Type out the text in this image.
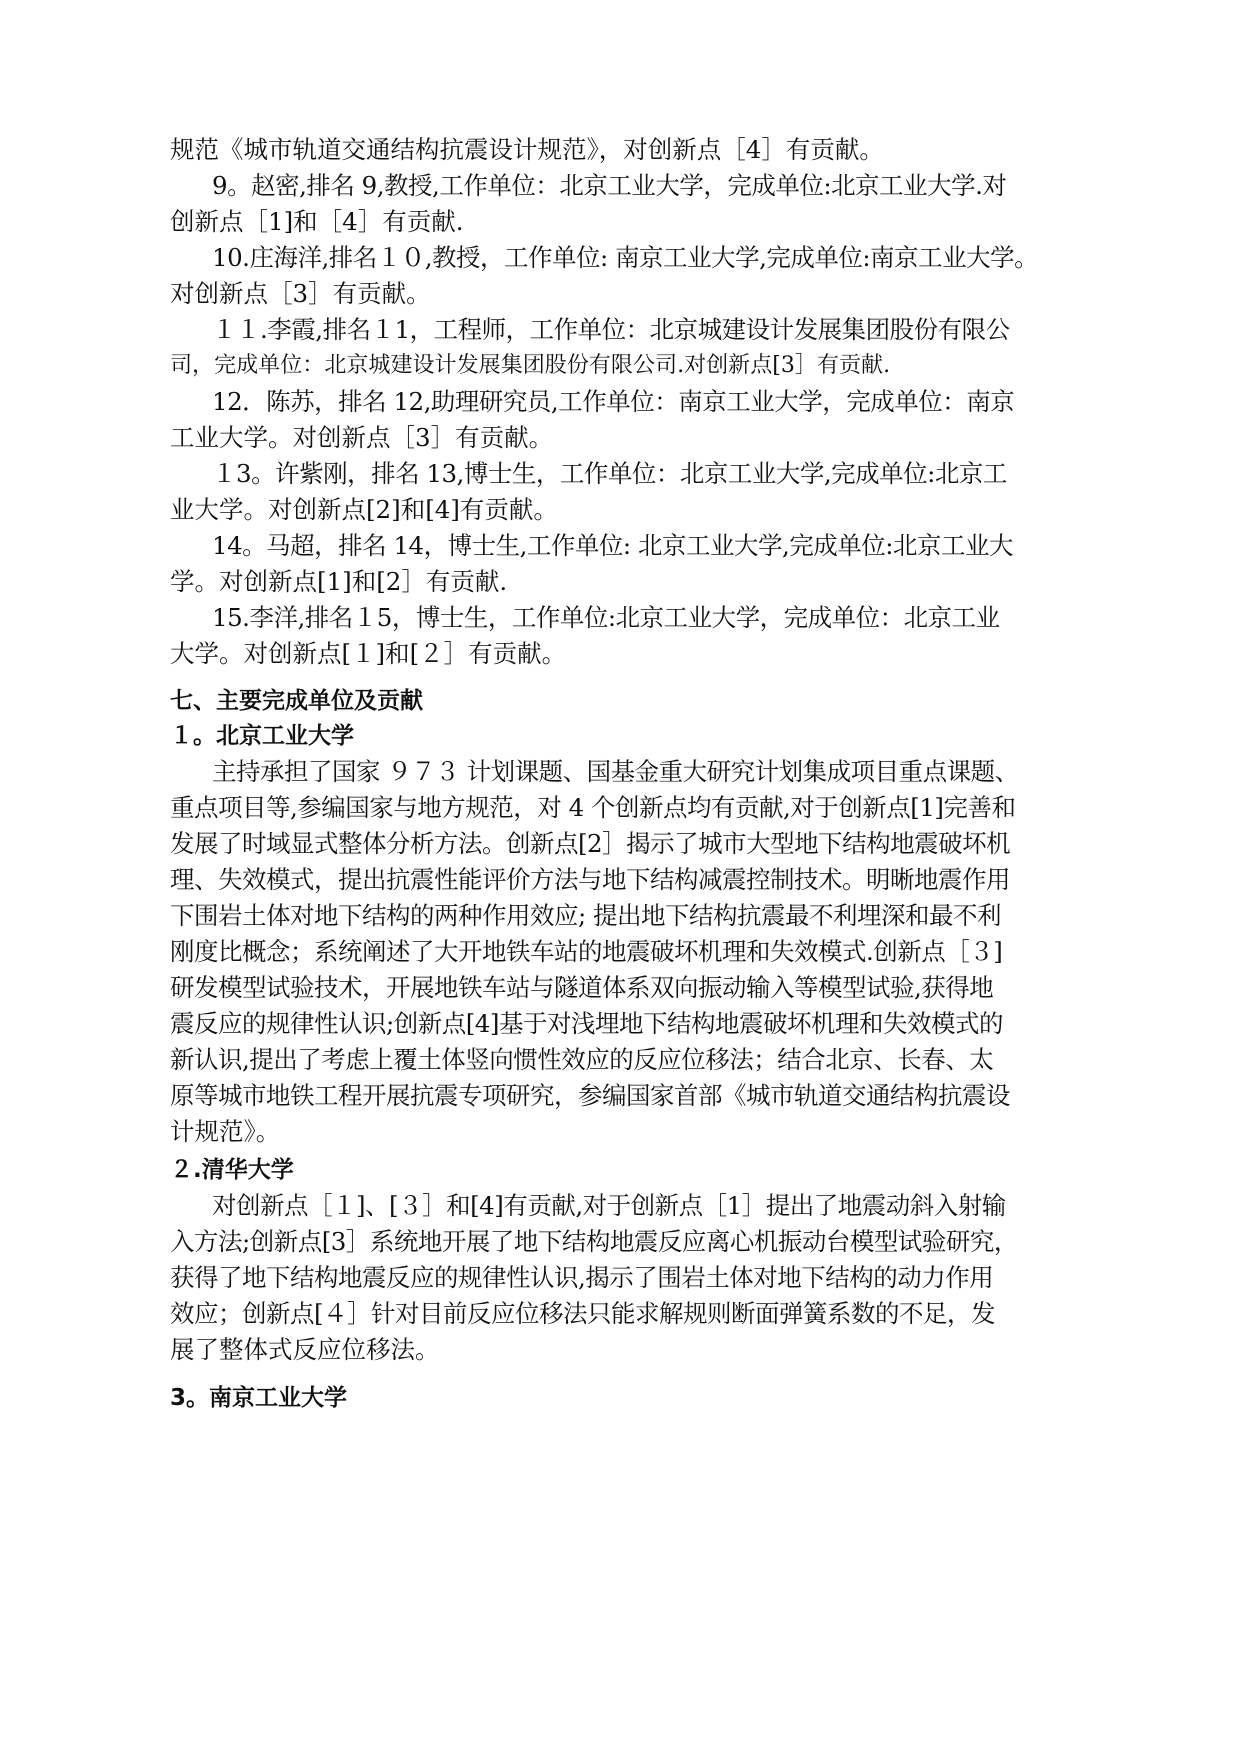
规范《城市轨道交通结构抗震设计规范》，对创新点［4］有贡献。
9。赵密,排名 9,教授,工作单位：北京工业大学，完成单位:北京工业大学.对
创新点［1]和［4］有贡献.
10.庄海洋,排名１０,教授，工作单位: 南京工业大学,完成单位:南京工业大学。
对创新点［3］有贡献。
１１.李霞,排名１1，工程师，工作单位：北京城建设计发展集团股份有限公
司，完成单位：北京城建设计发展集团股份有限公司.对创新点[3］有贡献.
12．陈苏，排名 12,助理研究员,工作单位：南京工业大学，完成单位：南京
工业大学。对创新点［3］有贡献。
１3。许紫刚，排名 13,博士生，工作单位：北京工业大学,完成单位:北京工
业大学。对创新点[2]和[4]有贡献。
14。马超，排名 14，博士生,工作单位: 北京工业大学,完成单位:北京工业大
学。对创新点[1]和[2］有贡献.
15.李洋,排名１5，博士生，工作单位:北京工业大学，完成单位：北京工业
大学。对创新点[１]和[２］有贡献。
七、主要完成单位及贡献
１。北京工业大学
主持承担了国家 ９７３ 计划课题、国基金重大研究计划集成项目重点课题、
重点项目等,参编国家与地方规范，对 4 个创新点均有贡献,对于创新点[1]完善和
发展了时域显式整体分析方法。创新点[2］揭示了城市大型地下结构地震破坏机
理、失效模式，提出抗震性能评价方法与地下结构减震控制技术。明晰地震作用
下围岩土体对地下结构的两种作用效应; 提出地下结构抗震最不利埋深和最不利
刚度比概念；系统阐述了大开地铁车站的地震破坏机理和失效模式.创新点［３]
研发模型试验技术，开展地铁车站与隧道体系双向振动输入等模型试验,获得地
震反应的规律性认识;创新点[4]基于对浅埋地下结构地震破坏机理和失效模式的
新认识,提出了考虑上覆土体竖向惯性效应的反应位移法；结合北京、长春、太
原等城市地铁工程开展抗震专项研究，参编国家首部《城市轨道交通结构抗震设
计规范》。
２.清华大学
对创新点［１]、[３］和[4]有贡献,对于创新点［1］提出了地震动斜入射输
入方法;创新点[3］系统地开展了地下结构地震反应离心机振动台模型试验研究，
获得了地下结构地震反应的规律性认识,揭示了围岩土体对地下结构的动力作用
效应；创新点[４］针对目前反应位移法只能求解规则断面弹簧系数的不足，发
展了整体式反应位移法。
3。南京工业大学
